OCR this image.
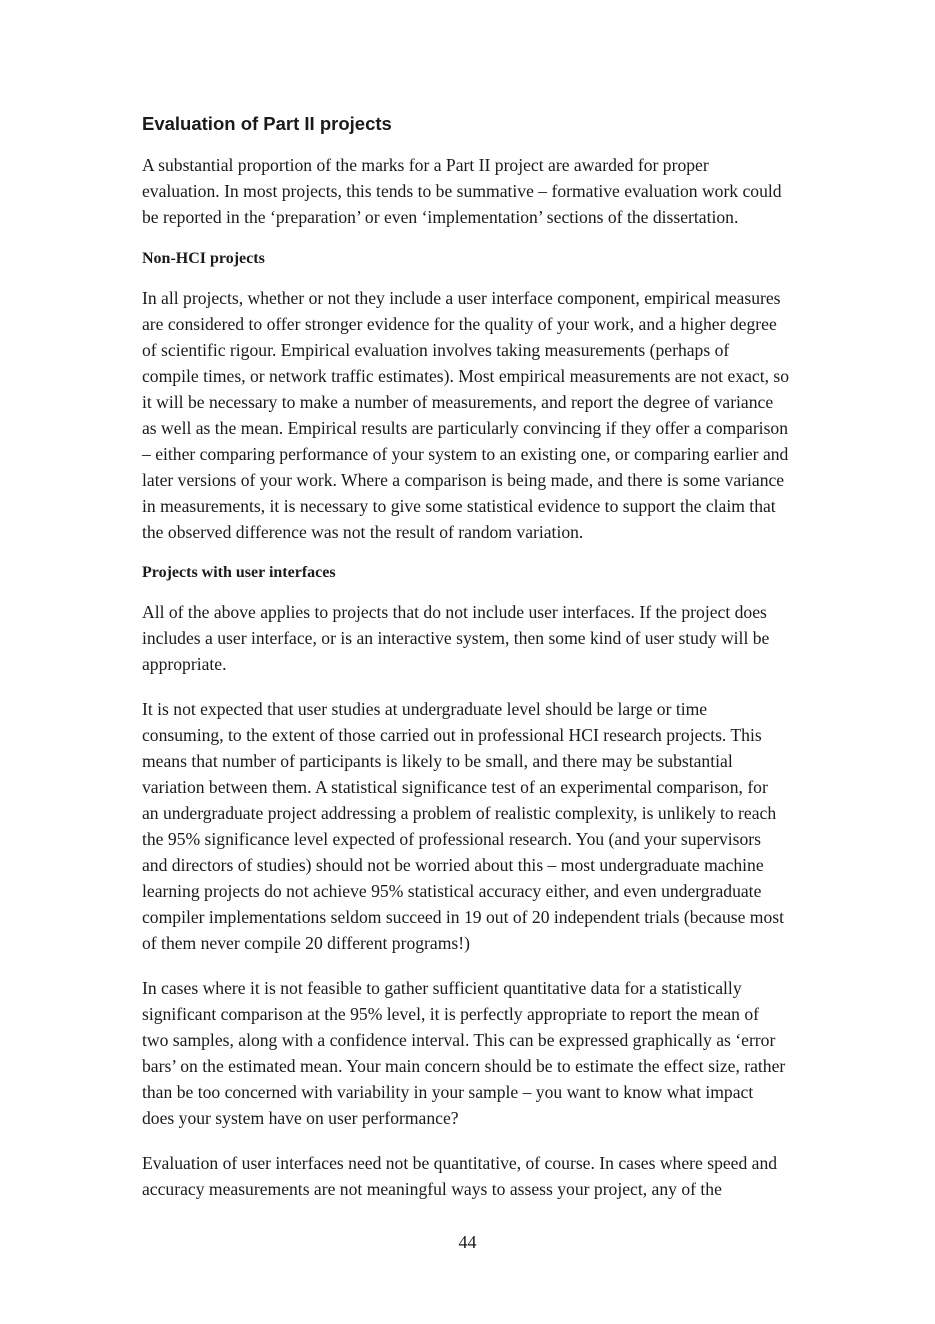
Evaluation of Part II projects

A substantial proportion of the marks for a Part II project are awarded for proper
evaluation. In most projects, this tends to be summative – formative evaluation work could
be reported in the ‘preparation’ or even ‘implementation’ sections of the dissertation.

Non-HCI projects

In all projects, whether or not they include a user interface component, empirical measures
are considered to offer stronger evidence for the quality of your work, and a higher degree
of scientific rigour. Empirical evaluation involves taking measurements (perhaps of
compile times, or network traffic estimates). Most empirical measurements are not exact, so
it will be necessary to make a number of measurements, and report the degree of variance
as well as the mean. Empirical results are particularly convincing if they offer a comparison
– either comparing performance of your system to an existing one, or comparing earlier and
later versions of your work. Where a comparison is being made, and there is some variance
in measurements, it is necessary to give some statistical evidence to support the claim that
the observed difference was not the result of random variation.

Projects with user interfaces

All of the above applies to projects that do not include user interfaces. If the project does
includes a user interface, or is an interactive system, then some kind of user study will be
appropriate.

It is not expected that user studies at undergraduate level should be large or time
consuming, to the extent of those carried out in professional HCI research projects. This
means that number of participants is likely to be small, and there may be substantial
variation between them. A statistical significance test of an experimental comparison, for
an undergraduate project addressing a problem of realistic complexity, is unlikely to reach
the 95% significance level expected of professional research. You (and your supervisors
and directors of studies) should not be worried about this – most undergraduate machine
learning projects do not achieve 95% statistical accuracy either, and even undergraduate
compiler implementations seldom succeed in 19 out of 20 independent trials (because most
of them never compile 20 different programs!)

In cases where it is not feasible to gather sufficient quantitative data for a statistically
significant comparison at the 95% level, it is perfectly appropriate to report the mean of
two samples, along with a confidence interval. This can be expressed graphically as ‘error
bars’ on the estimated mean. Your main concern should be to estimate the effect size, rather
than be too concerned with variability in your sample – you want to know what impact
does your system have on user performance?

Evaluation of user interfaces need not be quantitative, of course. In cases where speed and
accuracy measurements are not meaningful ways to assess your project, any of the

44
